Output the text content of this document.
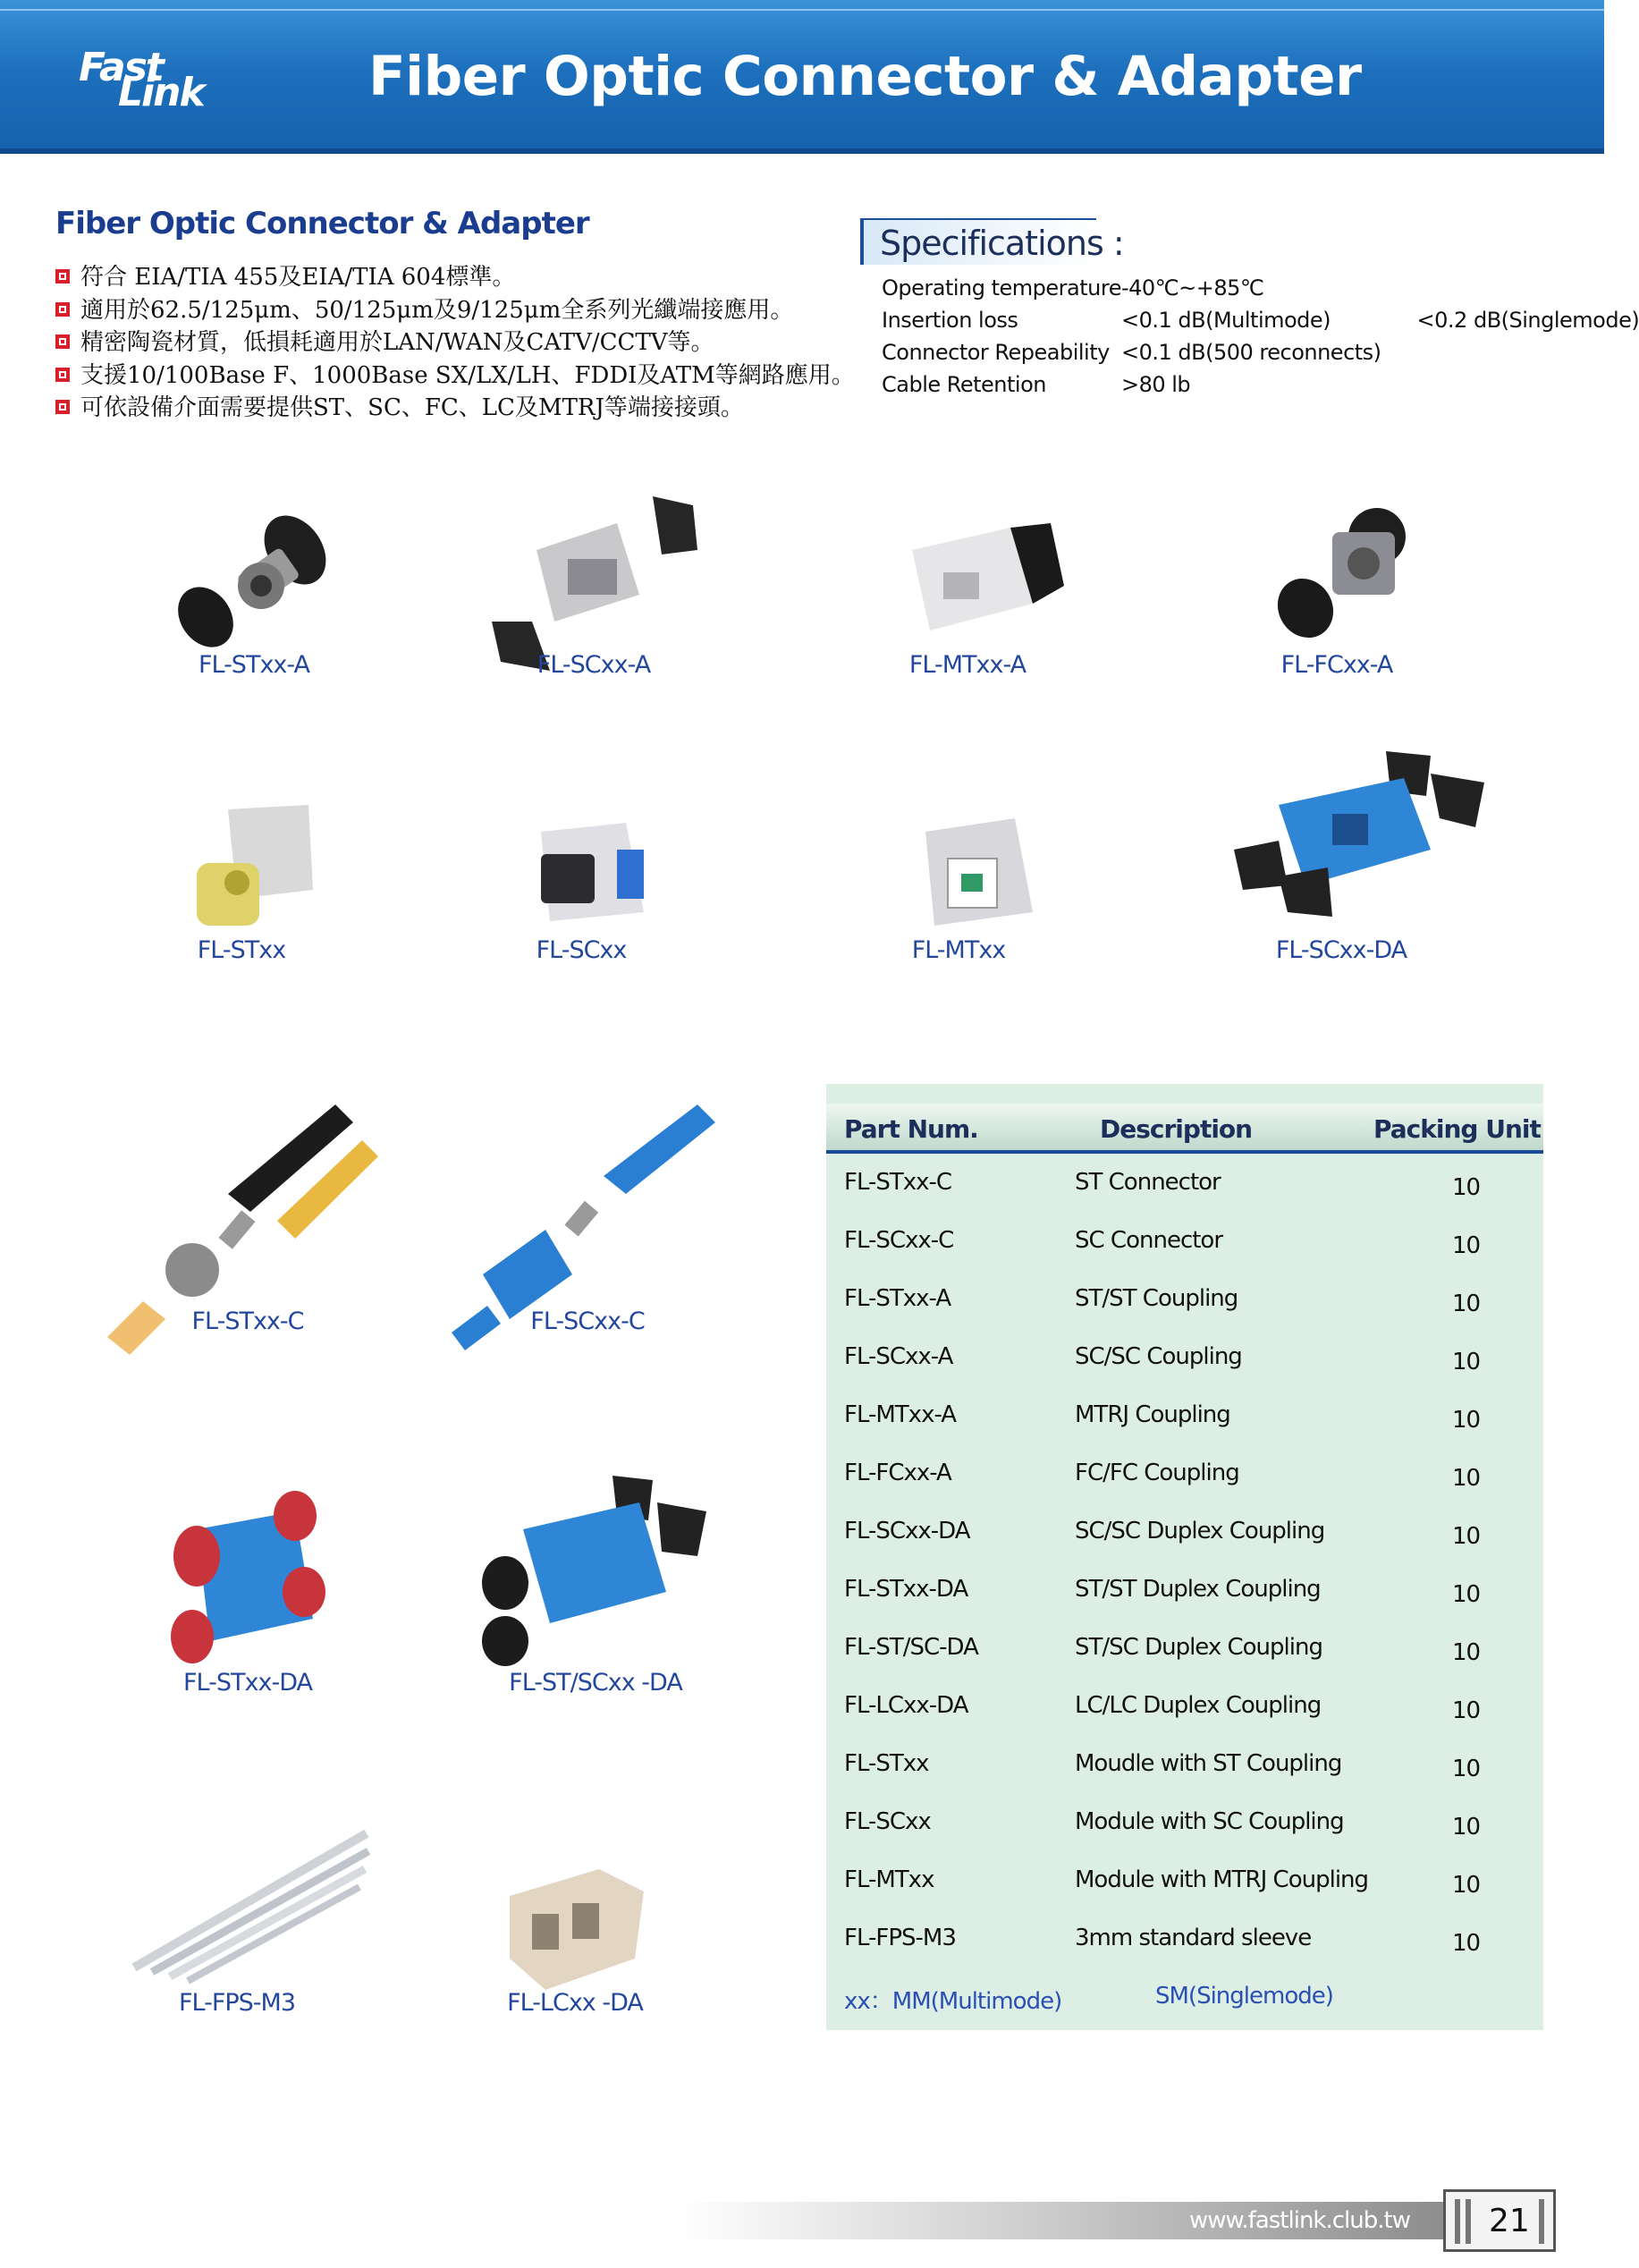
Fast
Link	Fiber Optic Connector & Adapter
Fiber Optic Connector & Adapter
符合 EIA/TIA 455及EIA/TIA 604標準。
適用於62.5/125μm、50/125μm及9/125μm全系列光纖端接應用。
精密陶瓷材質，低損耗適用於LAN/WAN及CATV/CCTV等。
支援10/100Base F、1000Base SX/LX/LH、FDDI及ATM等網路應用。
可依設備介面需要提供ST、SC、FC、LC及MTRJ等端接接頭。
Specifications :
Operating temperature	-40℃~+85℃	
Insertion loss	<0.1 dB(Multimode)	<0.2 dB(Singlemode)
Connector Repeability	<0.1 dB(500 reconnects)	
Cable Retention	>80 lb	
FL-STxx-A	FL-SCxx-A	FL-MTxx-A	FL-FCxx-A
FL-STxx	FL-SCxx	FL-MTxx	FL-SCxx-DA
FL-STxx-C	FL-SCxx-C
FL-STxx-DA	FL-ST/SCxx -DA
FL-FPS-M3	FL-LCxx -DA
Part Num.	Description	Packing Unit
FL-STxx-C	ST Connector	10
FL-SCxx-C	SC Connector	10
FL-STxx-A	ST/ST Coupling	10
FL-SCxx-A	SC/SC Coupling	10
FL-MTxx-A	MTRJ Coupling	10
FL-FCxx-A	FC/FC Coupling	10
FL-SCxx-DA	SC/SC Duplex Coupling	10
FL-STxx-DA	ST/ST Duplex Coupling	10
FL-ST/SC-DA	ST/SC Duplex Coupling	10
FL-LCxx-DA	LC/LC Duplex Coupling	10
FL-STxx	Moudle with ST Coupling	10
FL-SCxx	Module with SC Coupling	10
FL-MTxx	Module with MTRJ Coupling	10
FL-FPS-M3	3mm standard sleeve	10
xx：MM(Multimode)	SM(Singlemode)
www.fastlink.club.tw 21
